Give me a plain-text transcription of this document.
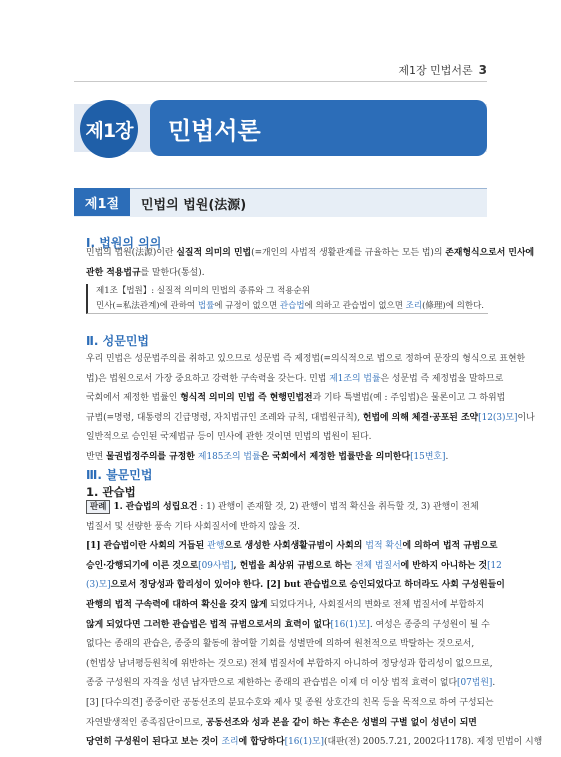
제1장 민법서론 3
제1장	민법서론
제1절	민법의 법원(法源)
Ⅰ. 법원의 의의
민법의 법원(法源)이란 실질적 의미의 민법(=개인의 사법적 생활관계를 규율하는 모든 법)의 존재형식으로서 민사에
관한 적용법규를 말한다(통설).
제1조【법원】: 실질적 의미의 민법의 종류와 그 적용순위
민사(=私法관계)에 관하여 법률에 규정이 없으면 관습법에 의하고 관습법이 없으면 조리(條理)에 의한다.
Ⅱ. 성문민법
우리 민법은 성문법주의를 취하고 있으므로 성문법 즉 제정법(=의식적으로 법으로 정하여 문장의 형식으로 표현한
법)은 법원으로서 가장 중요하고 강력한 구속력을 갖는다. 민법 제1조의 법률은 성문법 즉 제정법을 말하므로
국회에서 제정한 법률인 형식적 의미의 민법 즉 현행민법전과 기타 특별법(예 : 주임법)은 물론이고 그 하위법
규범(=명령, 대통령의 긴급명령, 자치법규인 조례와 규칙, 대법원규칙), 헌법에 의해 체결·공포된 조약[12(3)모]이나
일반적으로 승인된 국제법규 등이 민사에 관한 것이면 민법의 법원이 된다.
반면 물권법정주의를 규정한 제185조의 법률은 국회에서 제정한 법률만을 의미한다[15변호].
Ⅲ. 불문민법
1. 관습법
판례 1. 관습법의 성립요건 : 1) 관행이 존재할 것, 2) 관행이 법적 확신을 취득할 것, 3) 관행이 전체
법질서 및 선량한 풍속 기타 사회질서에 반하지 않을 것.
[1] 관습법이란 사회의 거듭된 관행으로 생성한 사회생활규범이 사회의 법적 확신에 의하여 법적 규범으로
승인·강행되기에 이른 것으로[09사법], 헌법을 최상위 규범으로 하는 전체 법질서에 반하지 아니하는 것[12
(3)모]으로서 정당성과 합리성이 있어야 한다. [2] but 관습법으로 승인되었다고 하더라도 사회 구성원들이
관행의 법적 구속력에 대하여 확신을 갖지 않게 되었다거나, 사회질서의 변화로 전체 법질서에 부합하지
않게 되었다면 그러한 관습법은 법적 규범으로서의 효력이 없다[16(1)모]. 여성은 종중의 구성원이 될 수
없다는 종래의 관습은, 종중의 활동에 참여할 기회를 성별만에 의하여 원천적으로 박탈하는 것으로서,
(헌법상 남녀평등원칙에 위반하는 것으로) 전체 법질서에 부합하지 아니하여 정당성과 합리성이 없으므로,
종중 구성원의 자격을 성년 남자만으로 제한하는 종래의 관습법은 이제 더 이상 법적 효력이 없다[07법원].
[3] [다수의견] 종중이란 공동선조의 분묘수호와 제사 및 종원 상호간의 친목 등을 목적으로 하여 구성되는
자연발생적인 종족집단이므로, 공동선조와 성과 본을 같이 하는 후손은 성별의 구별 없이 성년이 되면
당연히 구성원이 된다고 보는 것이 조리에 합당하다[16(1)모](대판(전) 2005.7.21, 2002다1178). 제정 민법이 시행
